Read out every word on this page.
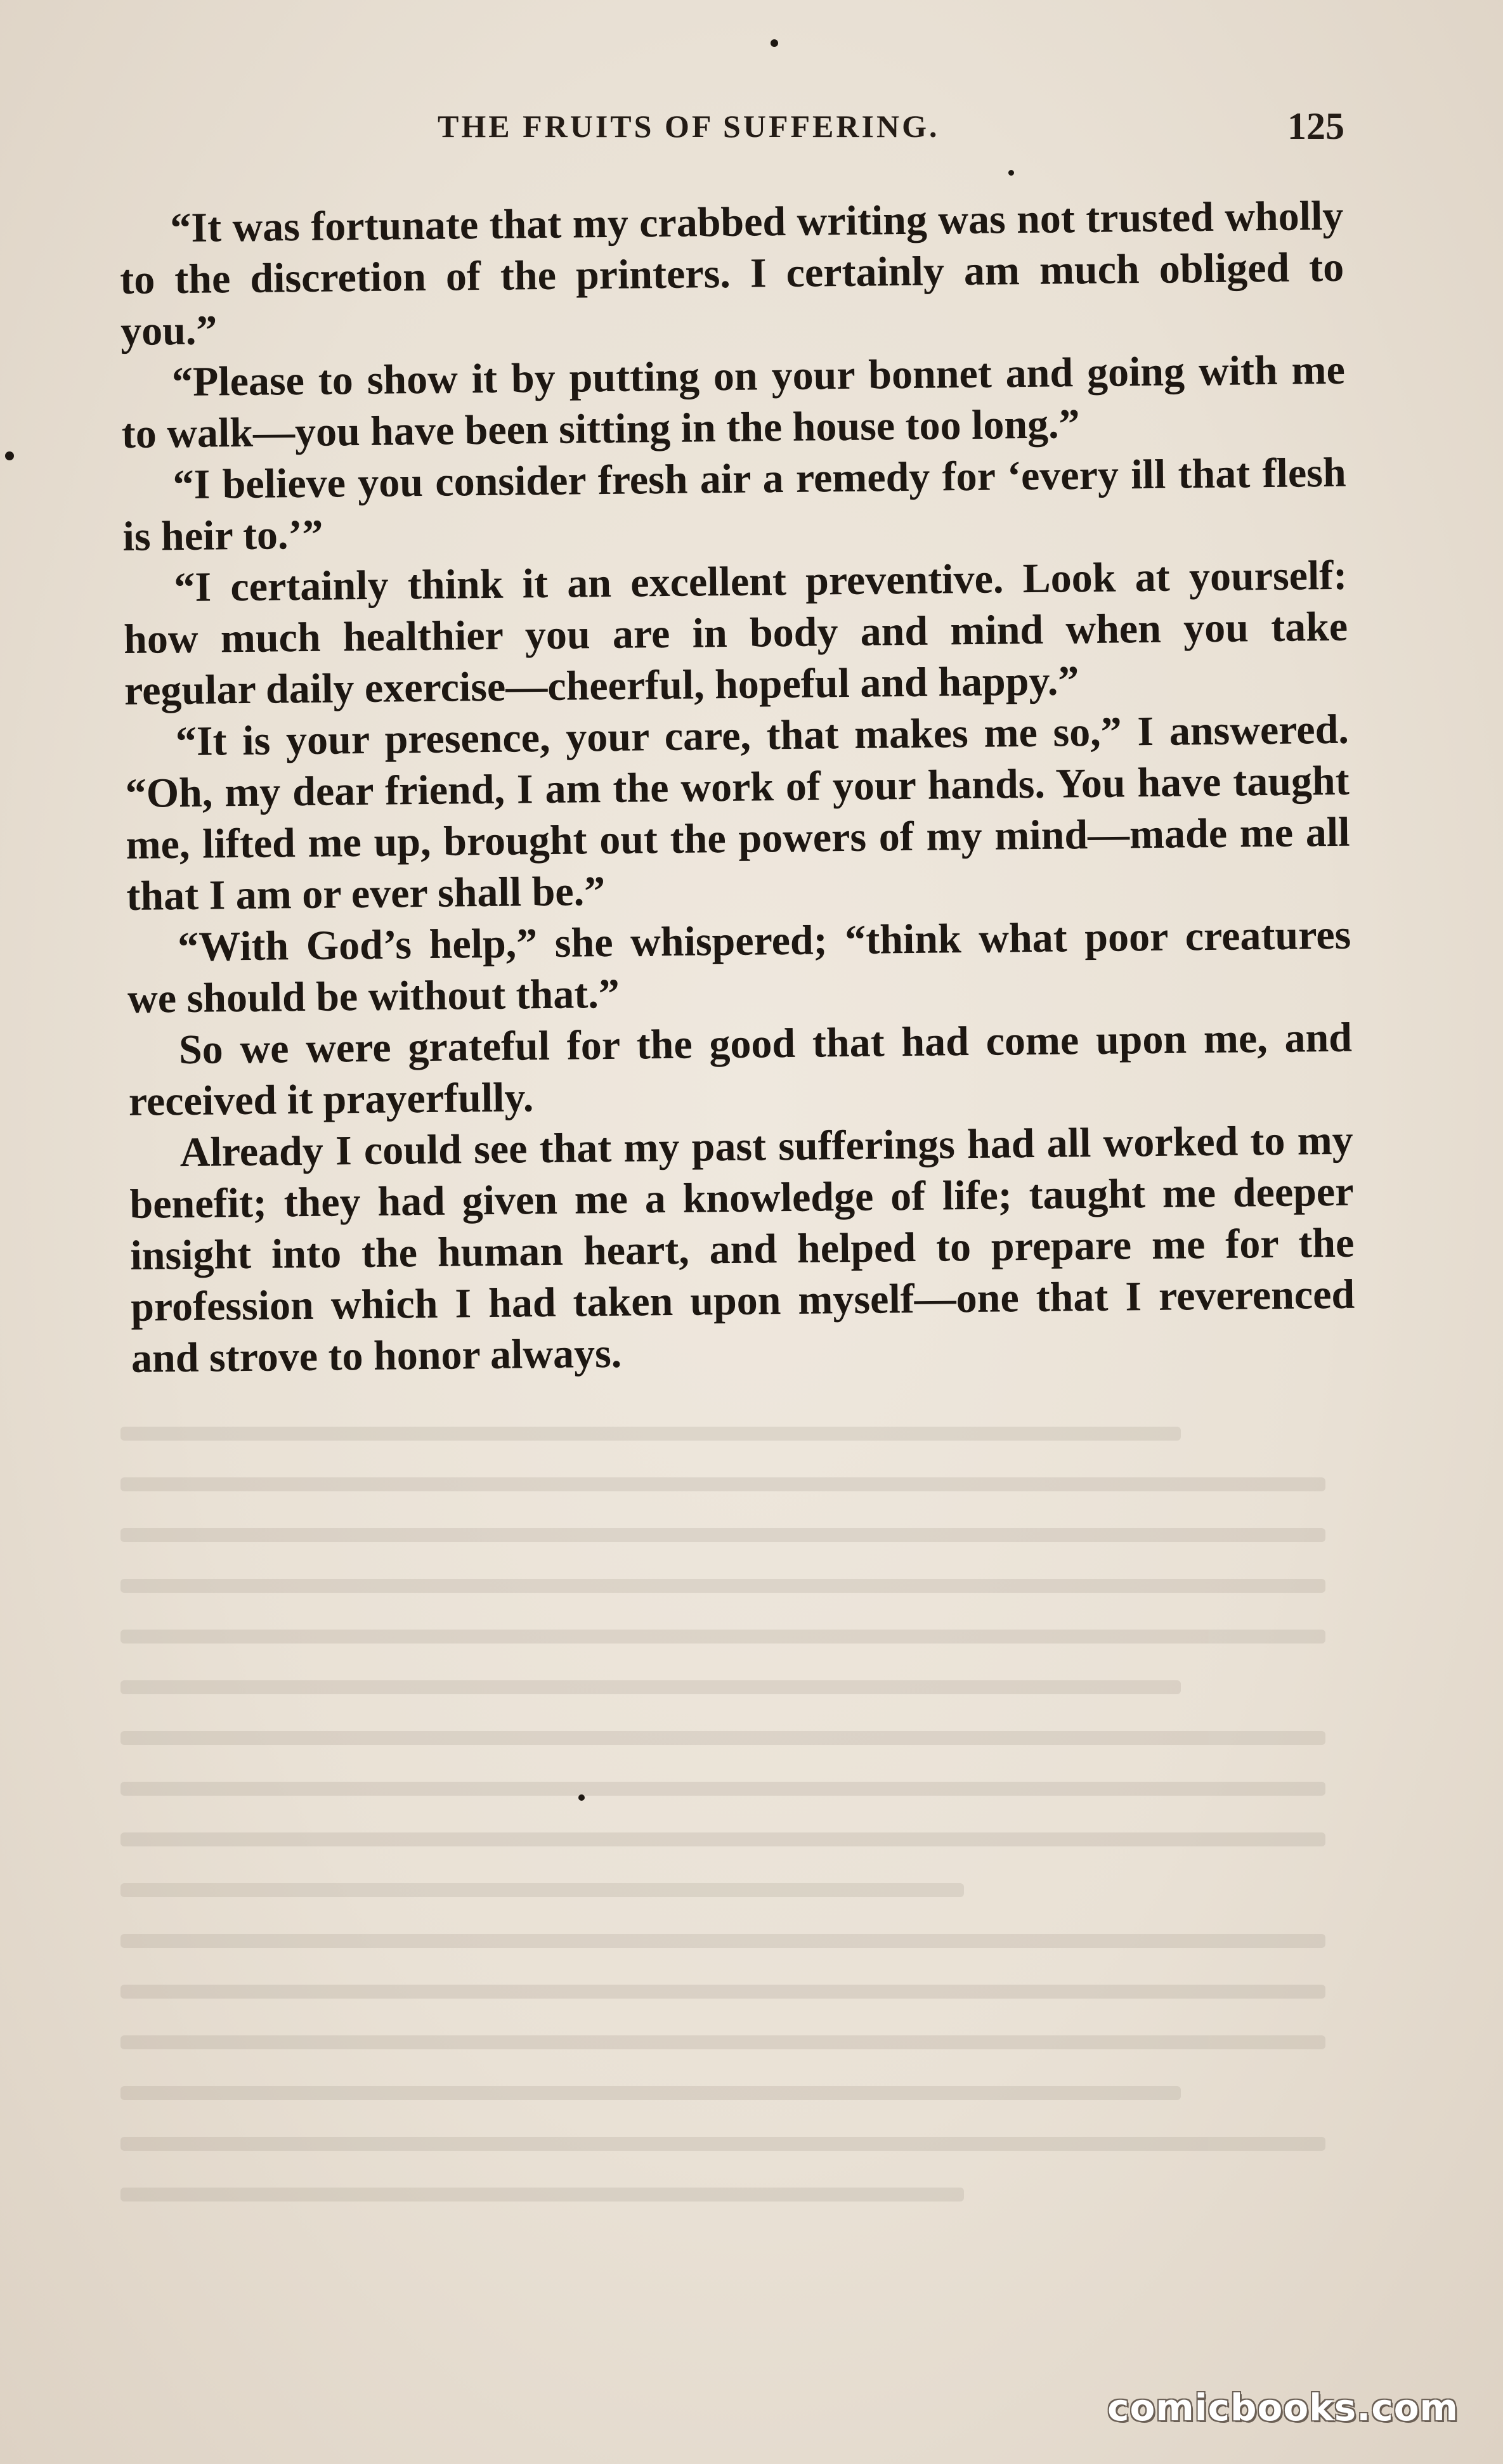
THE FRUITS OF SUFFERING.	125

“It was fortunate that my crabbed writing was not trusted wholly to the discretion of the printers. I certainly am much obliged to you.”

“Please to show it by putting on your bonnet and going with me to walk—you have been sitting in the house too long.”

“I believe you consider fresh air a remedy for ‘every ill that flesh is heir to.’”

“I certainly think it an excellent preventive. Look at yourself: how much healthier you are in body and mind when you take regular daily exercise—cheerful, hopeful and happy.”

“It is your presence, your care, that makes me so,” I answered. “Oh, my dear friend, I am the work of your hands. You have taught me, lifted me up, brought out the powers of my mind—made me all that I am or ever shall be.”

“With God’s help,” she whispered; “think what poor creatures we should be without that.”

So we were grateful for the good that had come upon me, and received it prayerfully.

Already I could see that my past sufferings had all worked to my benefit; they had given me a knowledge of life; taught me deeper insight into the human heart, and helped to prepare me for the profession which I had taken upon myself—one that I reverenced and strove to honor always.

comicbooks.com
